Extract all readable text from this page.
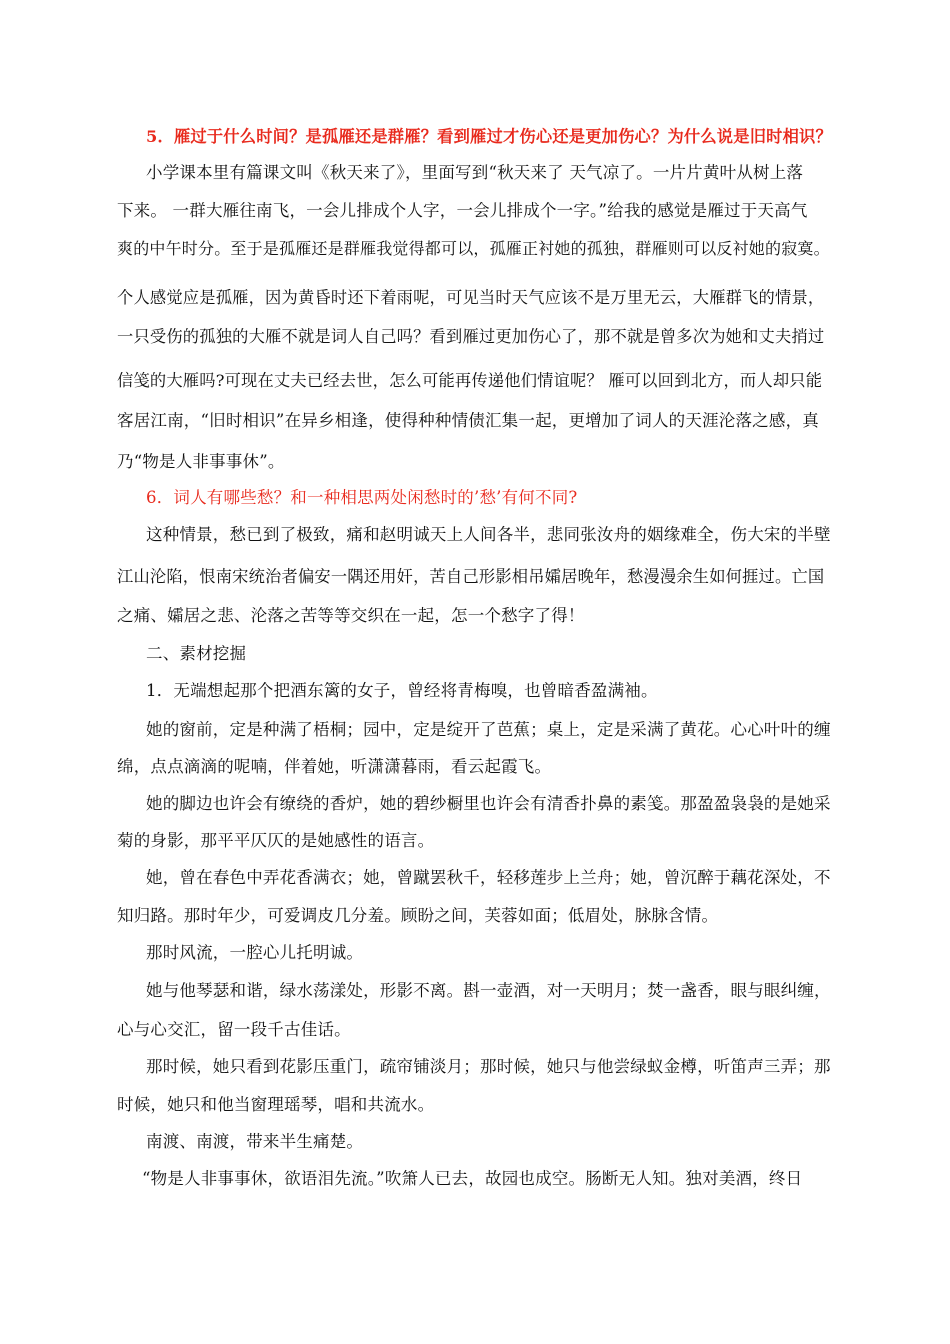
5．雁过于什么时间？是孤雁还是群雁？看到雁过才伤心还是更加伤心？为什么说是旧时相识？
小学课本里有篇课文叫《秋天来了》，里面写到“秋天来了 天气凉了。一片片黄叶从树上落
下来。 一群大雁往南飞，一会儿排成个人字，一会儿排成个一字。”给我的感觉是雁过于天高气
爽的中午时分。至于是孤雁还是群雁我觉得都可以，孤雁正衬她的孤独，群雁则可以反衬她的寂寞。
个人感觉应是孤雁，因为黄昏时还下着雨呢，可见当时天气应该不是万里无云，大雁群飞的情景，
一只受伤的孤独的大雁不就是词人自己吗？看到雁过更加伤心了，那不就是曾多次为她和丈夫捎过
信笺的大雁吗?可现在丈夫已经去世，怎么可能再传递他们情谊呢？ 雁可以回到北方，而人却只能
客居江南，“旧时相识”在异乡相逢，使得种种情债汇集一起，更增加了词人的天涯沦落之感，真
乃“物是人非事事休”。
6．词人有哪些愁？和一种相思两处闲愁时的’愁’有何不同?
这种情景，愁已到了极致，痛和赵明诚天上人间各半，悲同张汝舟的姻缘难全，伤大宋的半壁
江山沦陷，恨南宋统治者偏安一隅还用奸，苦自己形影相吊孀居晚年，愁漫漫余生如何捱过。亡国
之痛、孀居之悲、沦落之苦等等交织在一起，怎一个愁字了得！
二、素材挖掘
1．无端想起那个把酒东篱的女子，曾经将青梅嗅，也曾暗香盈满袖。
她的窗前，定是种满了梧桐；园中，定是绽开了芭蕉；桌上，定是采满了黄花。心心叶叶的缠
绵，点点滴滴的呢喃，伴着她，听潇潇暮雨，看云起霞飞。
她的脚边也许会有缭绕的香炉，她的碧纱橱里也许会有清香扑鼻的素笺。那盈盈袅袅的是她采
菊的身影，那平平仄仄的是她感性的语言。
她，曾在春色中弄花香满衣；她，曾蹴罢秋千，轻移莲步上兰舟；她，曾沉醉于藕花深处，不
知归路。那时年少，可爱调皮几分羞。顾盼之间，芙蓉如面；低眉处，脉脉含情。
那时风流，一腔心儿托明诚。
她与他琴瑟和谐，绿水荡漾处，形影不离。斟一壶酒，对一天明月；焚一盏香，眼与眼纠缠，
心与心交汇，留一段千古佳话。
那时候，她只看到花影压重门，疏帘铺淡月；那时候，她只与他尝绿蚁金樽，听笛声三弄；那
时候，她只和他当窗理瑶琴，唱和共流水。
南渡、南渡，带来半生痛楚。
“物是人非事事休，欲语泪先流。”吹箫人已去，故园也成空。肠断无人知。独对美酒，终日
